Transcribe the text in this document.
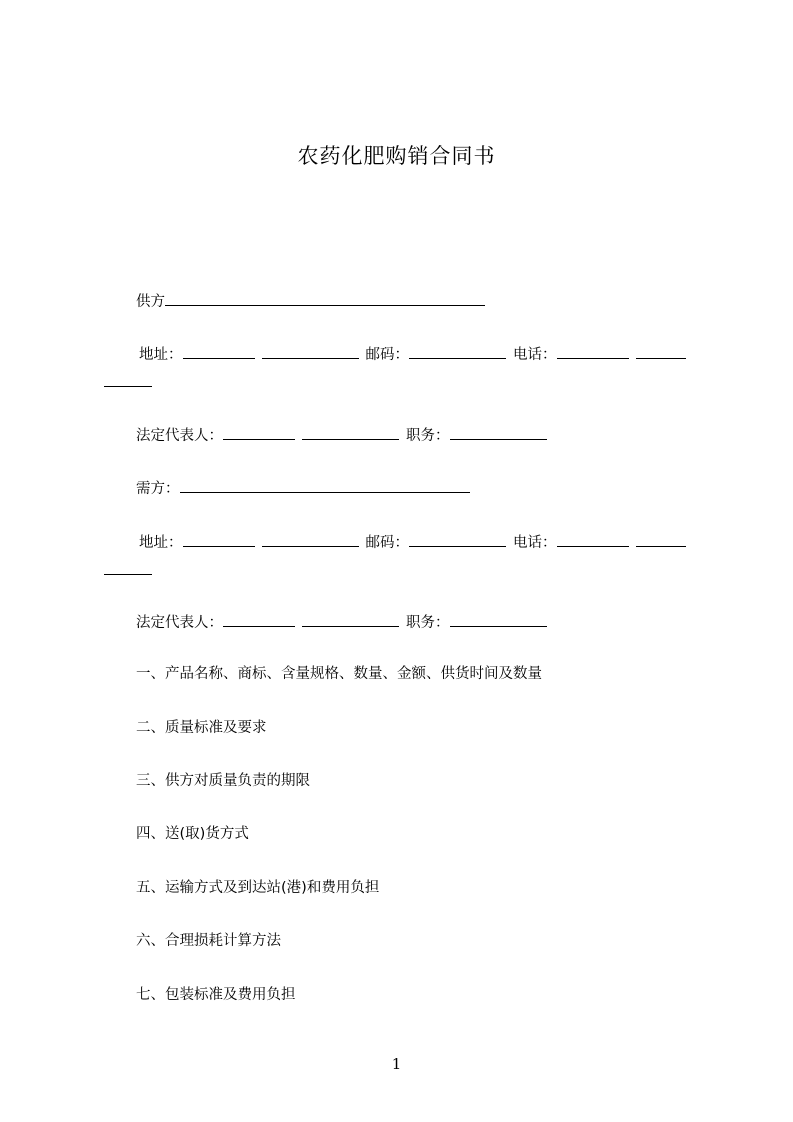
农药化肥购销合同书
供方
地址：	邮码：	电话：
法定代表人：	职务：
需方：
地址：	邮码：	电话：
法定代表人：	职务：
一、产品名称、商标、含量规格、数量、金额、供货时间及数量
二、质量标准及要求
三、供方对质量负责的期限
四、送(取)货方式
五、运输方式及到达站(港)和费用负担
六、合理损耗计算方法
七、包装标准及费用负担
1
